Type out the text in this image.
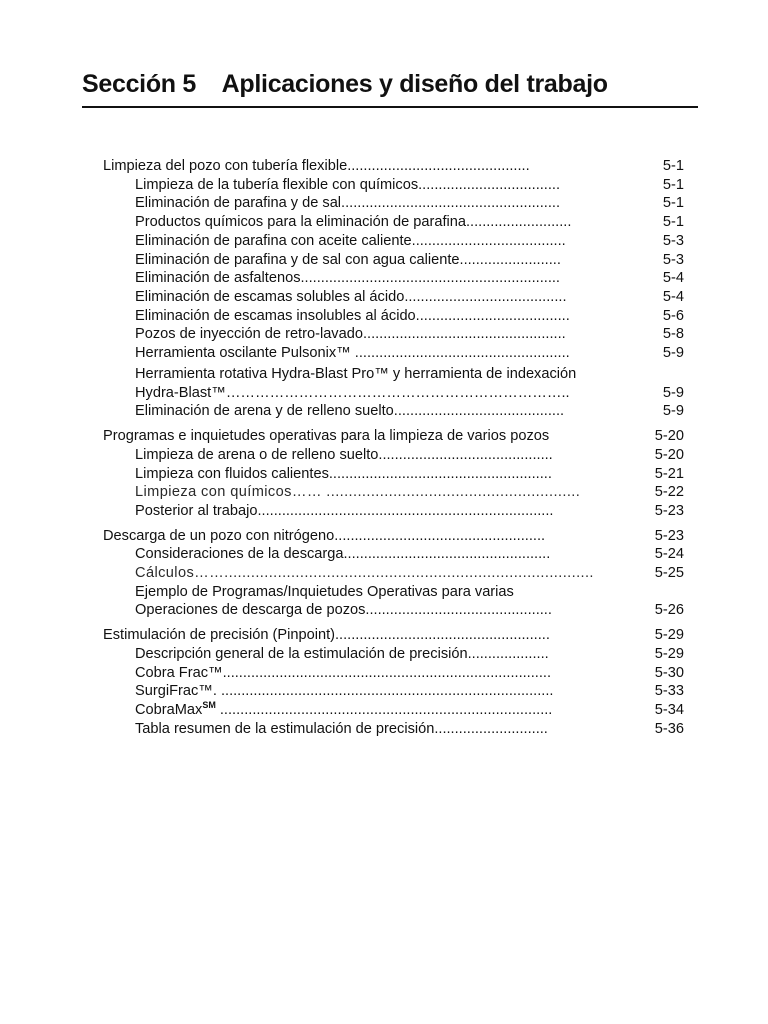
Sección 5    Aplicaciones y diseño del trabajo
Limpieza del pozo con tubería flexible.............................................	5-1
Limpieza de la tubería flexible con químicos...................................	5-1
Eliminación de parafina y de sal......................................................	5-1
Productos químicos para la eliminación de parafina..........................	5-1
Eliminación de parafina con aceite caliente......................................	5-3
Eliminación de parafina y de sal con agua caliente.........................	5-3
Eliminación de asfaltenos................................................................	5-4
Eliminación de escamas solubles al ácido........................................	5-4
Eliminación de escamas insolubles al ácido......................................	5-6
Pozos de inyección de retro-lavado..................................................	5-8
Herramienta oscilante Pulsonix™ .....................................................	5-9
Herramienta rotativa Hydra-Blast Pro™ y herramienta de indexación
Hydra-Blast™……………………………………………………………..	5-9
Eliminación de arena y de relleno suelto..........................................	5-9
Programas e inquietudes operativas para la limpieza de varios pozos	5-20
Limpieza de arena o de relleno suelto...........................................	5-20
Limpieza con fluidos calientes.......................................................	5-21
Limpieza con químicos…… .........................................................	5-22
Posterior al trabajo.........................................................................	5-23
Descarga de un pozo con nitrógeno....................................................	5-23
Consideraciones de la descarga...................................................	5-24
Cálculos……...................................................................................	5-25
Ejemplo de Programas/Inquietudes Operativas para varias
Operaciones de descarga de pozos..............................................	5-26
Estimulación de precisión (Pinpoint).....................................................	5-29
Descripción general de la estimulación de precisión....................	5-29
Cobra Frac™.................................................................................	5-30
SurgiFrac™. ..................................................................................	5-33
CobraMax℠ ..................................................................................	5-34
Tabla resumen de la estimulación de precisión............................	5-36
